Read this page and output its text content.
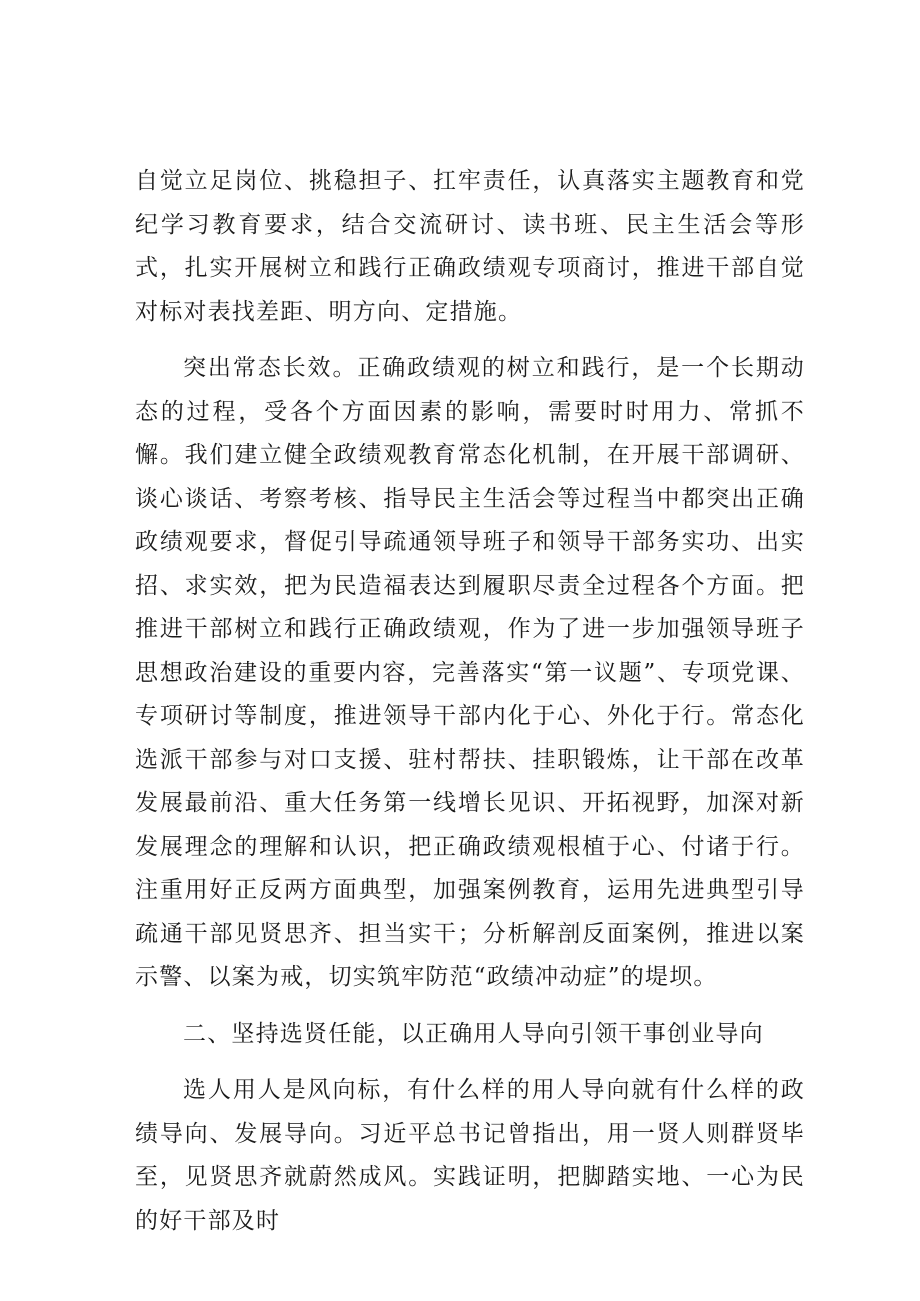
自觉立足岗位、挑稳担子、扛牢责任，认真落实主题教育和党纪学习教育要求，结合交流研讨、读书班、民主生活会等形式，扎实开展树立和践行正确政绩观专项商讨，推进干部自觉对标对表找差距、明方向、定措施。

突出常态长效。正确政绩观的树立和践行，是一个长期动态的过程，受各个方面因素的影响，需要时时用力、常抓不懈。我们建立健全政绩观教育常态化机制，在开展干部调研、谈心谈话、考察考核、指导民主生活会等过程当中都突出正确政绩观要求，督促引导疏通领导班子和领导干部务实功、出实招、求实效，把为民造福表达到履职尽责全过程各个方面。把推进干部树立和践行正确政绩观，作为了进一步加强领导班子思想政治建设的重要内容，完善落实“第一议题”、专项党课、专项研讨等制度，推进领导干部内化于心、外化于行。常态化选派干部参与对口支援、驻村帮扶、挂职锻炼，让干部在改革发展最前沿、重大任务第一线增长见识、开拓视野，加深对新发展理念的理解和认识，把正确政绩观根植于心、付诸于行。注重用好正反两方面典型，加强案例教育，运用先进典型引导疏通干部见贤思齐、担当实干；分析解剖反面案例，推进以案示警、以案为戒，切实筑牢防范“政绩冲动症”的堤坝。

二、坚持选贤任能，以正确用人导向引领干事创业导向

选人用人是风向标，有什么样的用人导向就有什么样的政绩导向、发展导向。习近平总书记曾指出，用一贤人则群贤毕至，见贤思齐就蔚然成风。实践证明，把脚踏实地、一心为民的好干部及时
